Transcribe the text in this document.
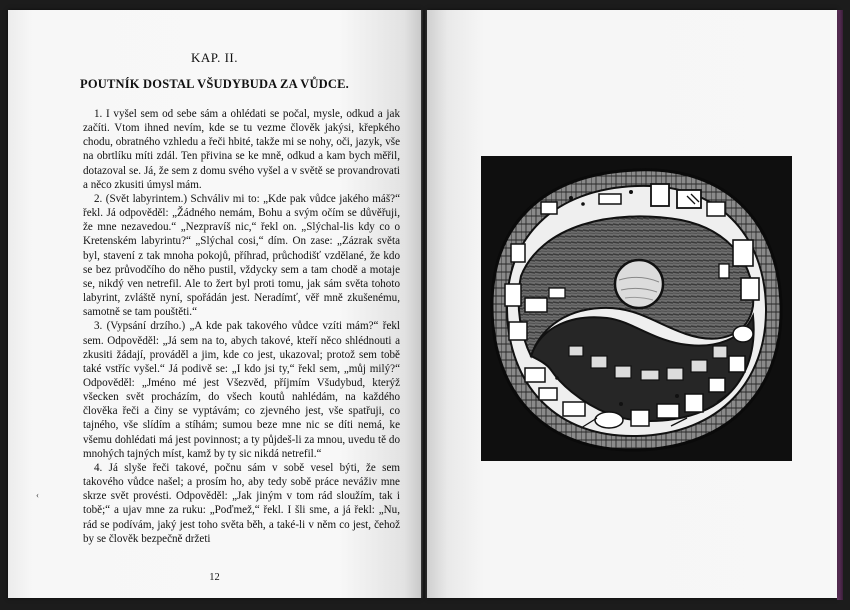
KAP. II.
POUTNÍK DOSTAL VŠUDYBUDA ZA VŮDCE.

1. I vyšel sem od sebe sám a ohlédati se počal, mysle, odkud a jak začíti. Vtom ihned nevím, kde se tu vezme člověk jakýsi, křepkého chodu, obratného vzhledu a řeči hbité, takže mi se nohy, oči, jazyk, vše na obrtlíku míti zdál. Ten přivina se ke mně, odkud a kam bych měřil, dotazoval se. Já, že sem z domu svého vyšel a v světě se provandrovati a něco zkusiti úmysl mám.

2. (Svět labyrintem.) Schváliv mi to: „Kde pak vůdce jakého máš?“ řekl. Já odpověděl: „Žádného nemám, Bohu a svým očím se důvěřuji, že mne nezavedou.“ „Nezpravíš nic,“ řekl on. „Slýchal-lis kdy co o Kretenském labyrintu?“ „Slýchal cosi,“ dím. On zase: „Zázrak světa byl, stavení z tak mnoha pokojů, příhrad, průchodišť vzdělané, že kdo se bez průvodčího do něho pustil, vždycky sem a tam chodě a motaje se, nikdý ven netrefil. Ale to žert byl proti tomu, jak sám světa tohoto labyrint, zvláště nyní, spořádán jest. Neradímť, věř mně zkušenému, samotně se tam pouštěti.“

3. (Vypsání drzího.) „A kde pak takového vůdce vzíti mám?“ řekl sem. Odpověděl: „Já sem na to, abych takové, kteří něco shlédnouti a zkusiti žádají, prováděl a jim, kde co jest, ukazoval; protož sem tobě také vstříc vyšel.“ Já podivě se: „I kdo jsi ty,“ řekl sem, „můj milý?“ Odpověděl: „Jméno mé jest Všezvěd, příjmím Všudybud, kterýž všecken svět procházím, do všech koutů nahlédám, na každého člověka řeči a činy se vyptávám; co zjevného jest, vše spatřuji, co tajného, vše slídím a stíhám; sumou beze mne nic se díti nemá, ke všemu dohlédati má jest povinnost; a ty půjdeš-li za mnou, uvedu tě do mnohých tajných míst, kamž by ty sic nikdá netrefil.“

4. Já slyše řeči takové, počnu sám v sobě vesel býti, že sem takového vůdce našel; a prosím ho, aby tedy sobě práce neváživ mne skrze svět provésti. Odpověděl: „Jak jiným v tom rád sloužím, tak i tobě;“ a ujav mne za ruku: „Poďmež,“ řekl. I šli sme, a já řekl: „Nu, rád se podívám, jaký jest toho světa běh, a také-li v něm co jest, čehož by se člověk bezpečně držeti

‹
12
